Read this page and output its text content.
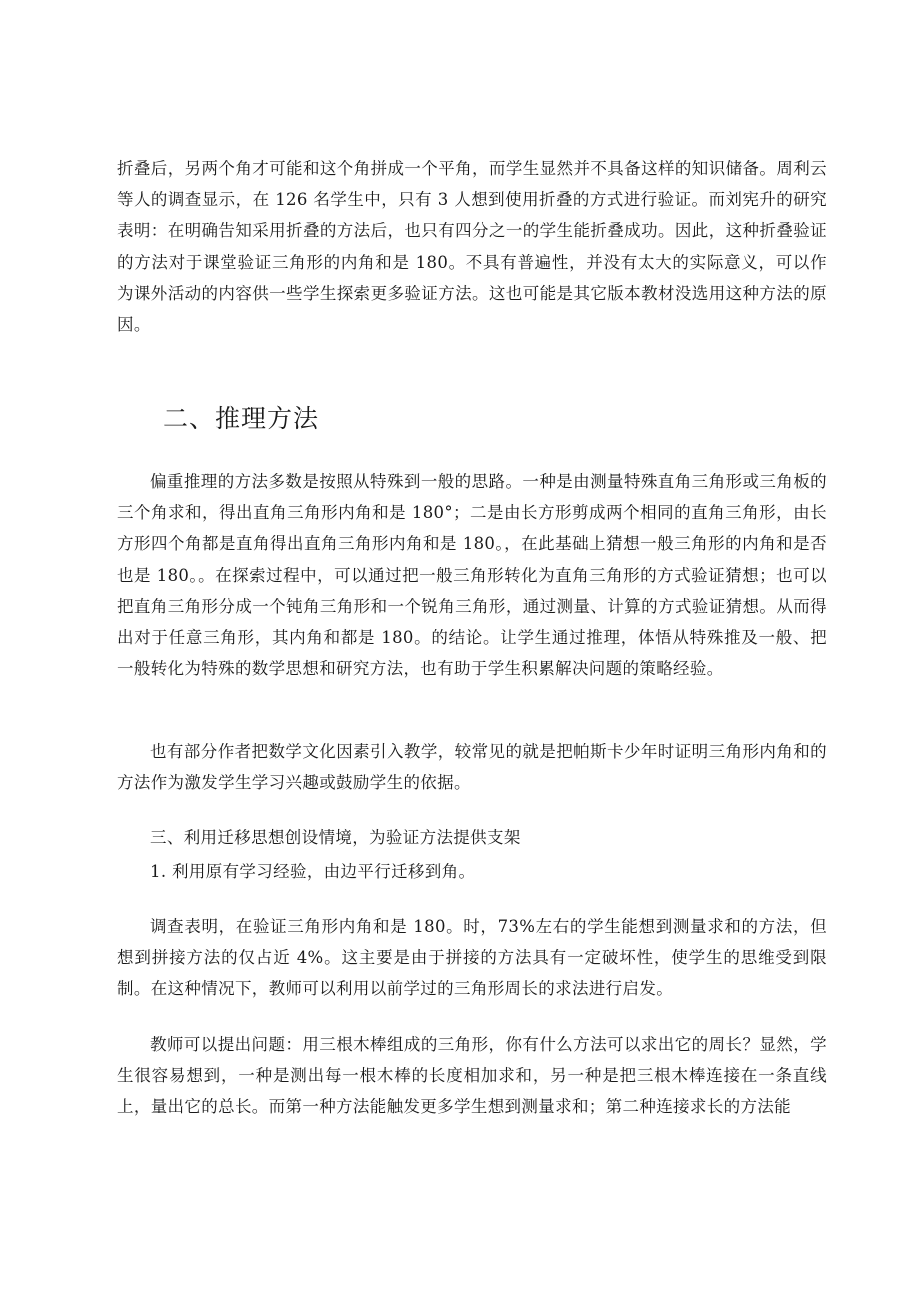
折叠后，另两个角才可能和这个角拼成一个平角，而学生显然并不具备这样的知识储备。周利云等人的调查显示，在 126 名学生中，只有 3 人想到使用折叠的方式进行验证。而刘宪升的研究表明：在明确告知采用折叠的方法后，也只有四分之一的学生能折叠成功。因此，这种折叠验证的方法对于课堂验证三角形的内角和是 180。不具有普遍性，并没有太大的实际意义，可以作为课外活动的内容供一些学生探索更多验证方法。这也可能是其它版本教材没选用这种方法的原因。

二、推理方法

偏重推理的方法多数是按照从特殊到一般的思路。一种是由测量特殊直角三角形或三角板的三个角求和，得出直角三角形内角和是 180°；二是由长方形剪成两个相同的直角三角形，由长方形四个角都是直角得出直角三角形内角和是 180。，在此基础上猜想一般三角形的内角和是否也是 180。。在探索过程中，可以通过把一般三角形转化为直角三角形的方式验证猜想；也可以把直角三角形分成一个钝角三角形和一个锐角三角形，通过测量、计算的方式验证猜想。从而得出对于任意三角形，其内角和都是 180。的结论。让学生通过推理，体悟从特殊推及一般、把一般转化为特殊的数学思想和研究方法，也有助于学生积累解决问题的策略经验。

也有部分作者把数学文化因素引入教学，较常见的就是把帕斯卡少年时证明三角形内角和的方法作为激发学生学习兴趣或鼓励学生的依据。

三、利用迁移思想创设情境，为验证方法提供支架

1. 利用原有学习经验，由边平行迁移到角。

调查表明，在验证三角形内角和是 180。时，73%左右的学生能想到测量求和的方法，但想到拼接方法的仅占近 4%。这主要是由于拼接的方法具有一定破坏性，使学生的思维受到限制。在这种情况下，教师可以利用以前学过的三角形周长的求法进行启发。

教师可以提出问题：用三根木棒组成的三角形，你有什么方法可以求出它的周长？显然，学生很容易想到，一种是测出每一根木棒的长度相加求和，另一种是把三根木棒连接在一条直线上，量出它的总长。而第一种方法能触发更多学生想到测量求和；第二种连接求长的方法能
